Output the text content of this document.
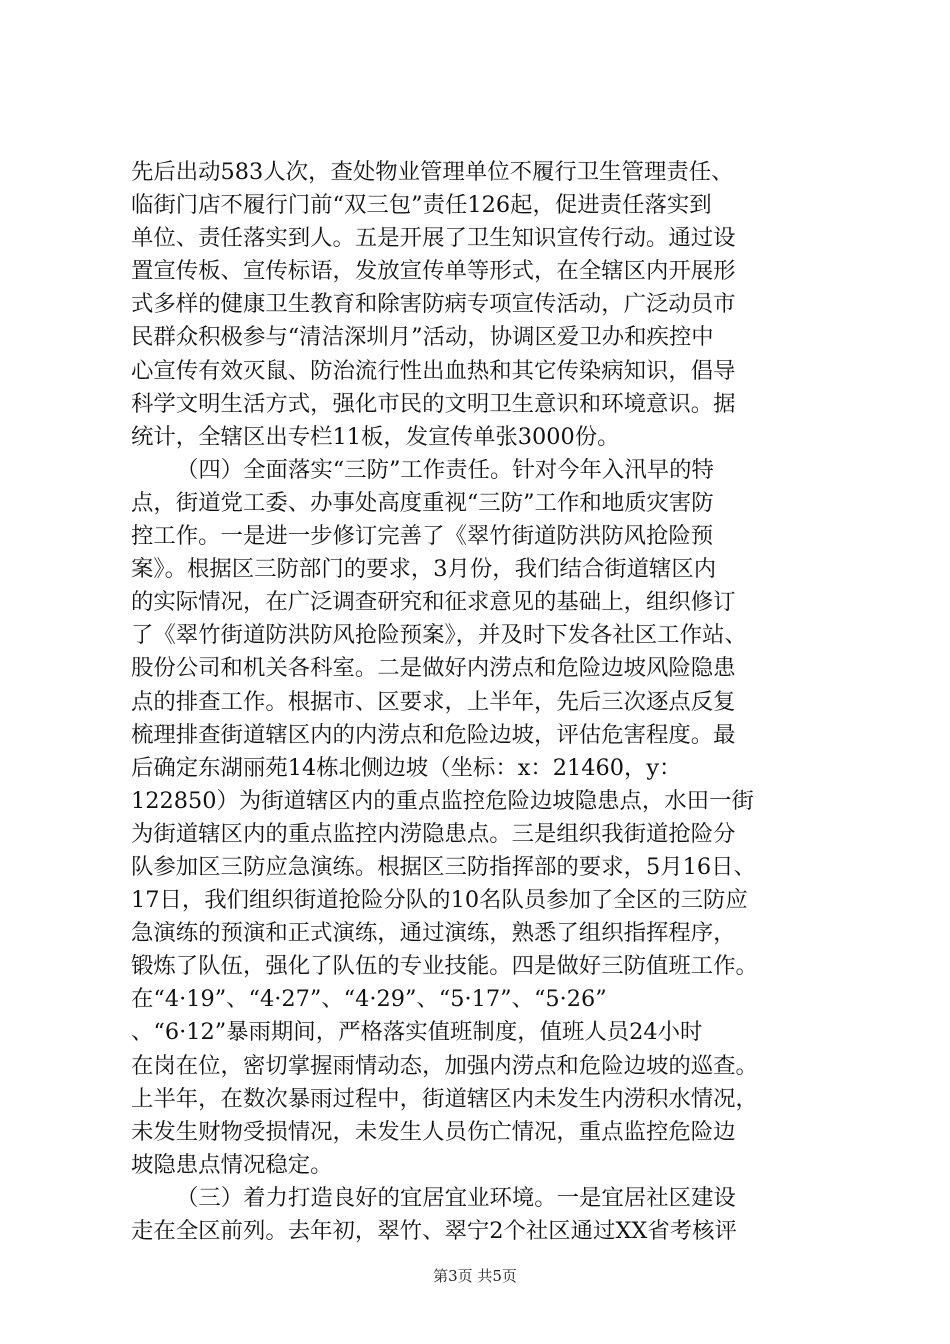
先后出动583人次，查处物业管理单位不履行卫生管理责任、
临街门店不履行门前“双三包”责任126起，促进责任落实到
单位、责任落实到人。五是开展了卫生知识宣传行动。通过设
置宣传板、宣传标语，发放宣传单等形式，在全辖区内开展形
式多样的健康卫生教育和除害防病专项宣传活动，广泛动员市
民群众积极参与“清洁深圳月”活动，协调区爱卫办和疾控中
心宣传有效灭鼠、防治流行性出血热和其它传染病知识，倡导
科学文明生活方式，强化市民的文明卫生意识和环境意识。据
统计，全辖区出专栏11板，发宣传单张3000份。
（四）全面落实“三防”工作责任。针对今年入汛早的特
点，街道党工委、办事处高度重视“三防”工作和地质灾害防
控工作。一是进一步修订完善了《翠竹街道防洪防风抢险预
案》。根据区三防部门的要求，3月份，我们结合街道辖区内
的实际情况，在广泛调查研究和征求意见的基础上，组织修订
了《翠竹街道防洪防风抢险预案》，并及时下发各社区工作站、
股份公司和机关各科室。二是做好内涝点和危险边坡风险隐患
点的排查工作。根据市、区要求，上半年，先后三次逐点反复
梳理排查街道辖区内的内涝点和危险边坡，评估危害程度。最
后确定东湖丽苑14栋北侧边坡（坐标：x：21460，y：
122850）为街道辖区内的重点监控危险边坡隐患点，水田一街
为街道辖区内的重点监控内涝隐患点。三是组织我街道抢险分
队参加区三防应急演练。根据区三防指挥部的要求，5月16日、
17日，我们组织街道抢险分队的10名队员参加了全区的三防应
急演练的预演和正式演练，通过演练，熟悉了组织指挥程序，
锻炼了队伍，强化了队伍的专业技能。四是做好三防值班工作。
在“4·19”、“4·27”、“4·29”、“5·17”、“5·26”
、“6·12”暴雨期间，严格落实值班制度，值班人员24小时
在岗在位，密切掌握雨情动态，加强内涝点和危险边坡的巡查。
上半年，在数次暴雨过程中，街道辖区内未发生内涝积水情况，
未发生财物受损情况，未发生人员伤亡情况，重点监控危险边
坡隐患点情况稳定。
（三）着力打造良好的宜居宜业环境。一是宜居社区建设
走在全区前列。去年初，翠竹、翠宁2个社区通过XX省考核评
第3页 共5页
